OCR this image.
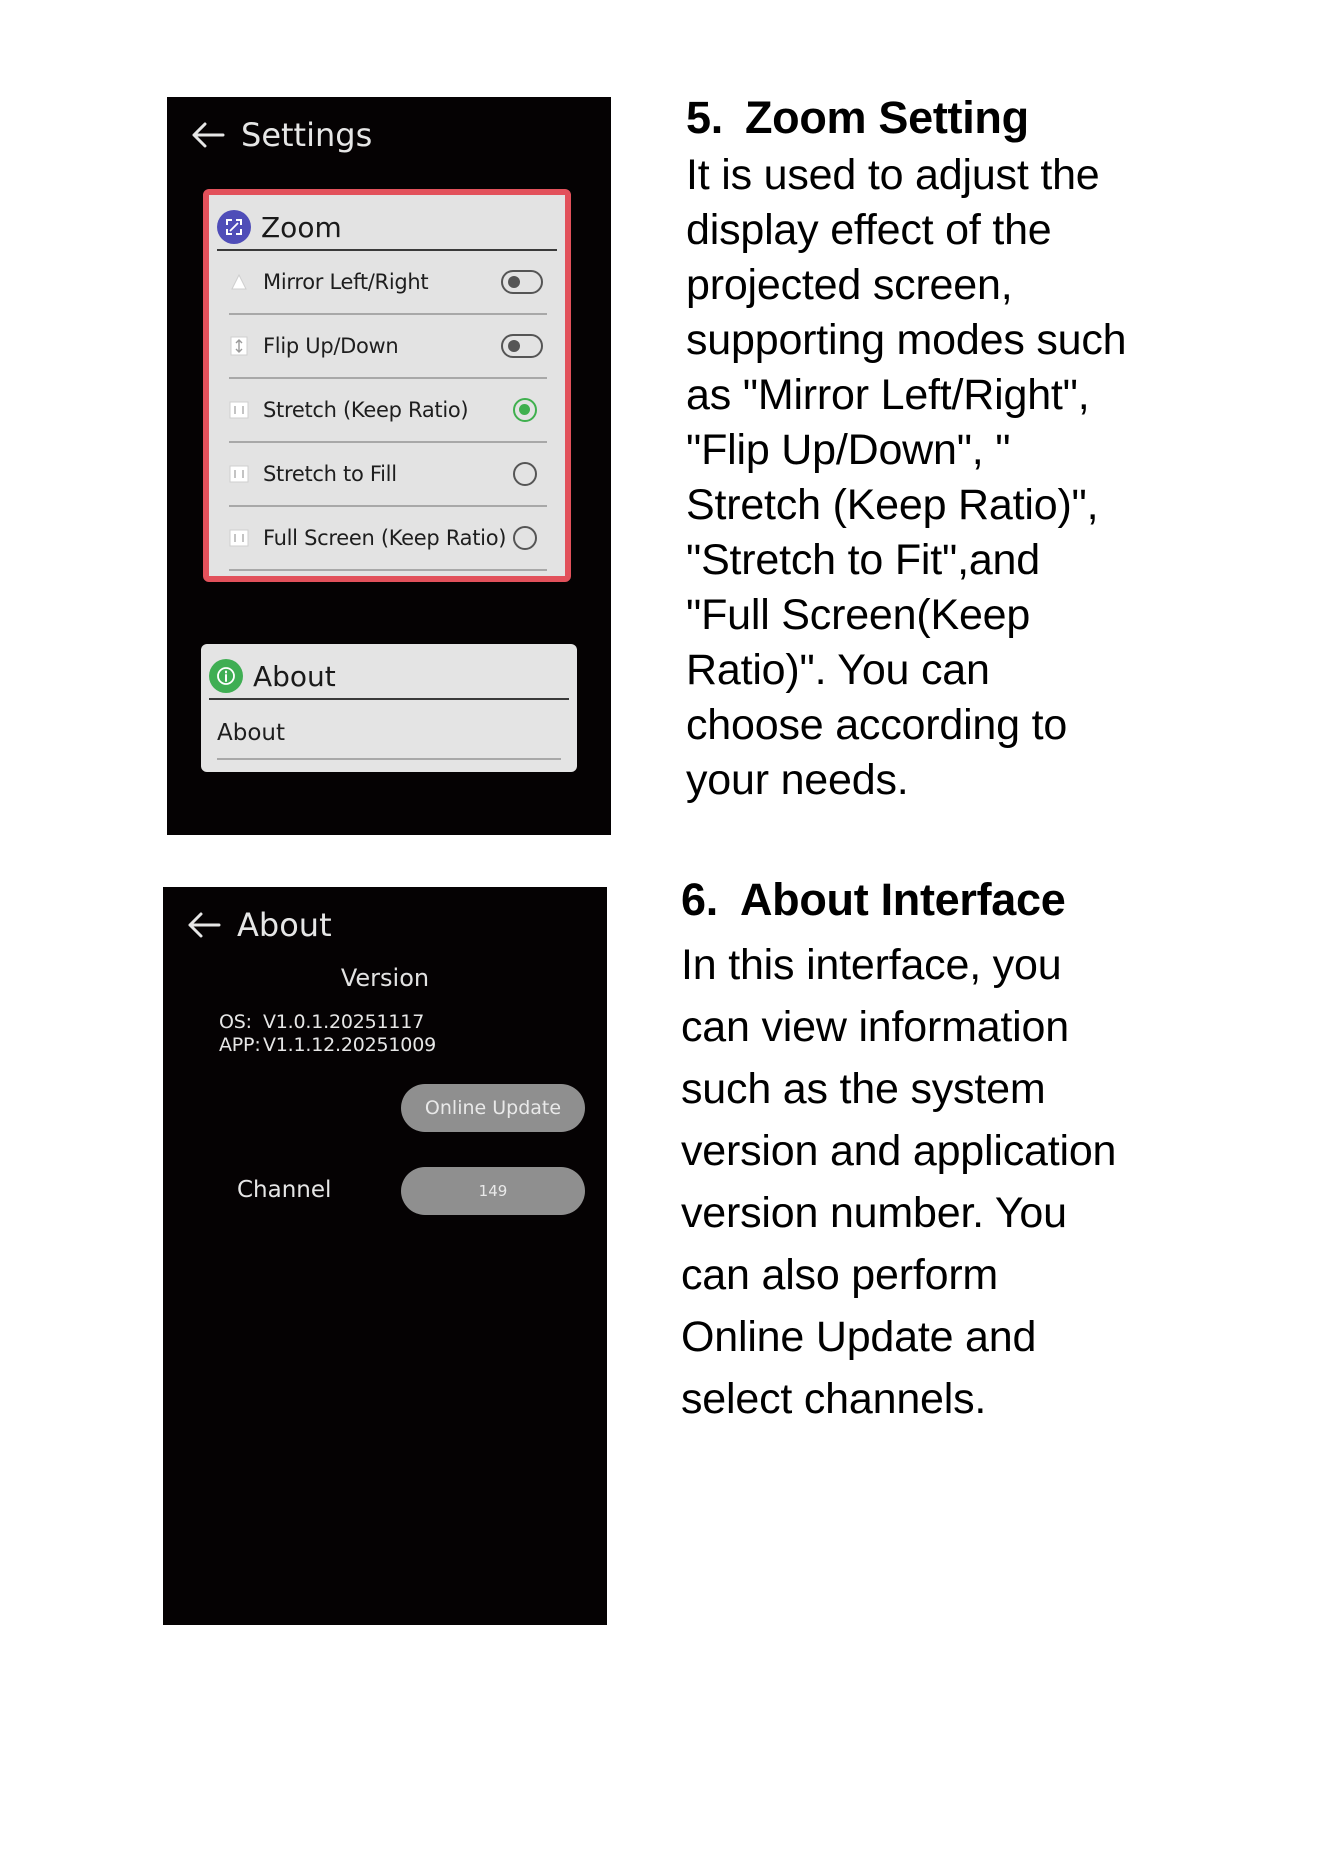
Settings
Zoom
Mirror Left/Right
Flip Up/Down
Stretch (Keep Ratio)
Stretch to Fill
Full Screen (Keep Ratio)
About
About
About
Version
OS: V1.0.1.20251117
APP: V1.1.12.20251009
Online Update
Channel	149
5. Zoom Setting
It is used to adjust the
display effect of the
projected screen,
supporting modes such
as "Mirror Left/Right",
"Flip Up/Down", "
Stretch (Keep Ratio)",
"Stretch to Fit",and
"Full Screen(Keep
Ratio)". You can
choose according to
your needs.
6. About Interface
In this interface, you
can view information
such as the system
version and application
version number. You
can also perform
Online Update and
select channels.
